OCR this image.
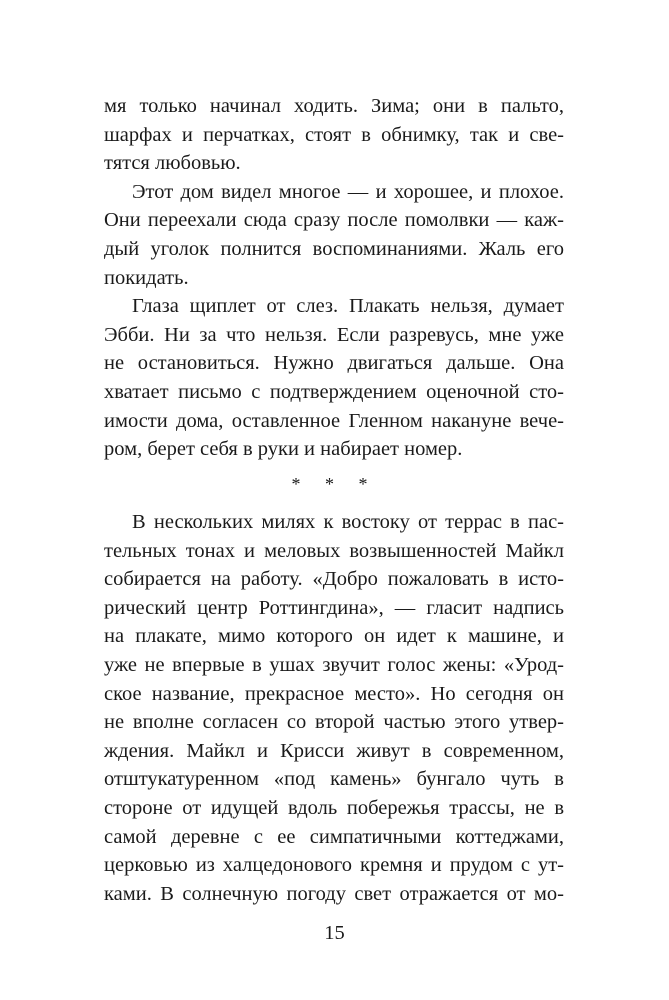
мя только начинал ходить. Зима; они в пальто,
шарфах и перчатках, стоят в обнимку, так и све-
тятся любовью.
Этот дом видел многое — и хорошее, и плохое.
Они переехали сюда сразу после помолвки — каж-
дый уголок полнится воспоминаниями. Жаль его
покидать.
Глаза щиплет от слез. Плакать нельзя, думает
Эбби. Ни за что нельзя. Если разревусь, мне уже
не остановиться. Нужно двигаться дальше. Она
хватает письмо с подтверждением оценочной сто-
имости дома, оставленное Гленном накануне вече-
ром, берет себя в руки и набирает номер.
* * *
В нескольких милях к востоку от террас в пас-
тельных тонах и меловых возвышенностей Майкл
собирается на работу. «Добро пожаловать в исто-
рический центр Роттингдина», — гласит надпись
на плакате, мимо которого он идет к машине, и
уже не впервые в ушах звучит голос жены: «Урод-
ское название, прекрасное место». Но сегодня он
не вполне согласен со второй частью этого утвер-
ждения. Майкл и Крисси живут в современном,
отштукатуренном «под камень» бунгало чуть в
стороне от идущей вдоль побережья трассы, не в
самой деревне с ее симпатичными коттеджами,
церковью из халцедонового кремня и прудом с ут-
ками. В солнечную погоду свет отражается от мо-
15
